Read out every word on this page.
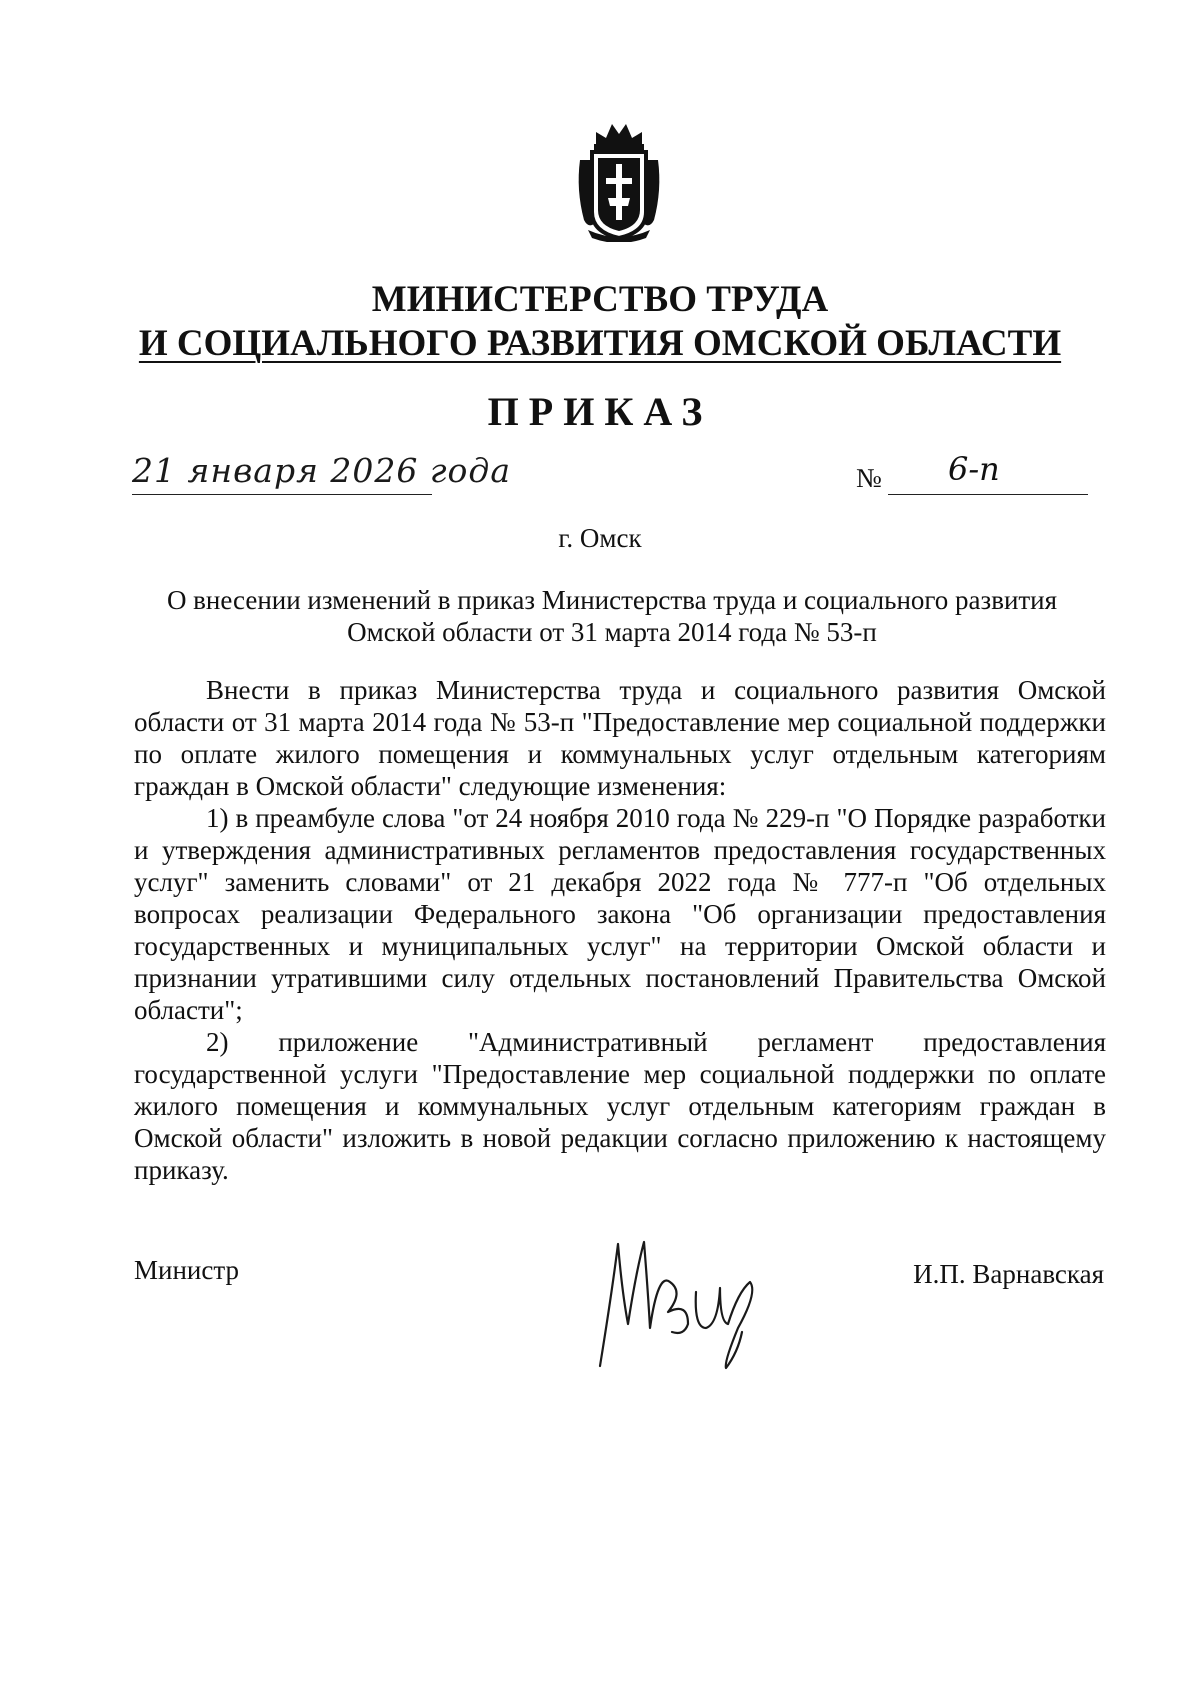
МИНИСТЕРСТВО ТРУДА
И СОЦИАЛЬНОГО РАЗВИТИЯ ОМСКОЙ ОБЛАСТИ
ПРИКАЗ
21 января 2026 года	№ 6-п
г. Омск
О внесении изменений в приказ Министерства труда и социального развития
Омской области от 31 марта 2014 года № 53-п

Внести в приказ Министерства труда и социального развития Омской области от 31 марта 2014 года № 53-п "Предоставление мер социальной поддержки по оплате жилого помещения и коммунальных услуг отдельным категориям граждан в Омской области" следующие изменения:

1) в преамбуле слова "от 24 ноября 2010 года № 229-п "О Порядке разработки и утверждения административных регламентов предоставления государственных услуг" заменить словами" от 21 декабря 2022 года № 777-п "Об отдельных вопросах реализации Федерального закона "Об организации предоставления государственных и муниципальных услуг" на территории Омской области и признании утратившими силу отдельных постановлений Правительства Омской области";

2) приложение "Административный регламент предоставления государственной услуги "Предоставление мер социальной поддержки по оплате жилого помещения и коммунальных услуг отдельным категориям граждан в Омской области" изложить в новой редакции согласно приложению к настоящему приказу.

Министр	И.П. Варнавская
